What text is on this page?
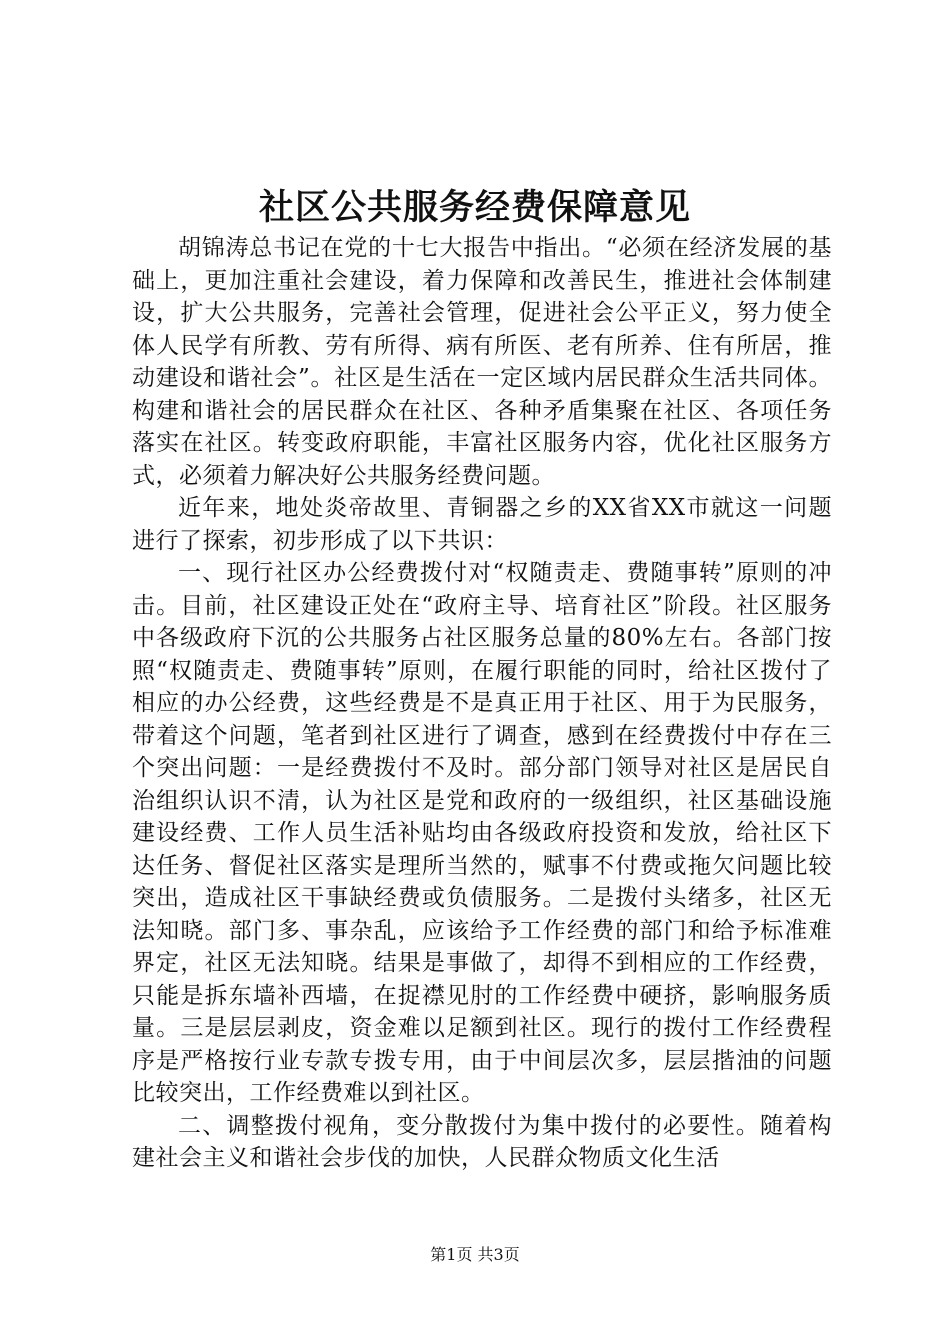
社区公共服务经费保障意见

胡锦涛总书记在党的十七大报告中指出。“必须在经济发展的基础上，更加注重社会建设，着力保障和改善民生，推进社会体制建设，扩大公共服务，完善社会管理，促进社会公平正义，努力使全体人民学有所教、劳有所得、病有所医、老有所养、住有所居，推动建设和谐社会”。社区是生活在一定区域内居民群众生活共同体。构建和谐社会的居民群众在社区、各种矛盾集聚在社区、各项任务落实在社区。转变政府职能，丰富社区服务内容，优化社区服务方式，必须着力解决好公共服务经费问题。

近年来，地处炎帝故里、青铜器之乡的XX省XX市就这一问题进行了探索，初步形成了以下共识：

一、现行社区办公经费拨付对“权随责走、费随事转”原则的冲击。目前，社区建设正处在“政府主导、培育社区”阶段。社区服务中各级政府下沉的公共服务占社区服务总量的80%左右。各部门按照“权随责走、费随事转”原则，在履行职能的同时，给社区拨付了相应的办公经费，这些经费是不是真正用于社区、用于为民服务，带着这个问题，笔者到社区进行了调查，感到在经费拨付中存在三个突出问题：一是经费拨付不及时。部分部门领导对社区是居民自治组织认识不清，认为社区是党和政府的一级组织，社区基础设施建设经费、工作人员生活补贴均由各级政府投资和发放，给社区下达任务、督促社区落实是理所当然的，赋事不付费或拖欠问题比较突出，造成社区干事缺经费或负债服务。二是拨付头绪多，社区无法知晓。部门多、事杂乱，应该给予工作经费的部门和给予标准难界定，社区无法知晓。结果是事做了，却得不到相应的工作经费，只能是拆东墙补西墙，在捉襟见肘的工作经费中硬挤，影响服务质量。三是层层剥皮，资金难以足额到社区。现行的拨付工作经费程序是严格按行业专款专拨专用，由于中间层次多，层层揩油的问题比较突出，工作经费难以到社区。

二、调整拨付视角，变分散拨付为集中拨付的必要性。随着构建社会主义和谐社会步伐的加快，人民群众物质文化生活

第1页 共3页
